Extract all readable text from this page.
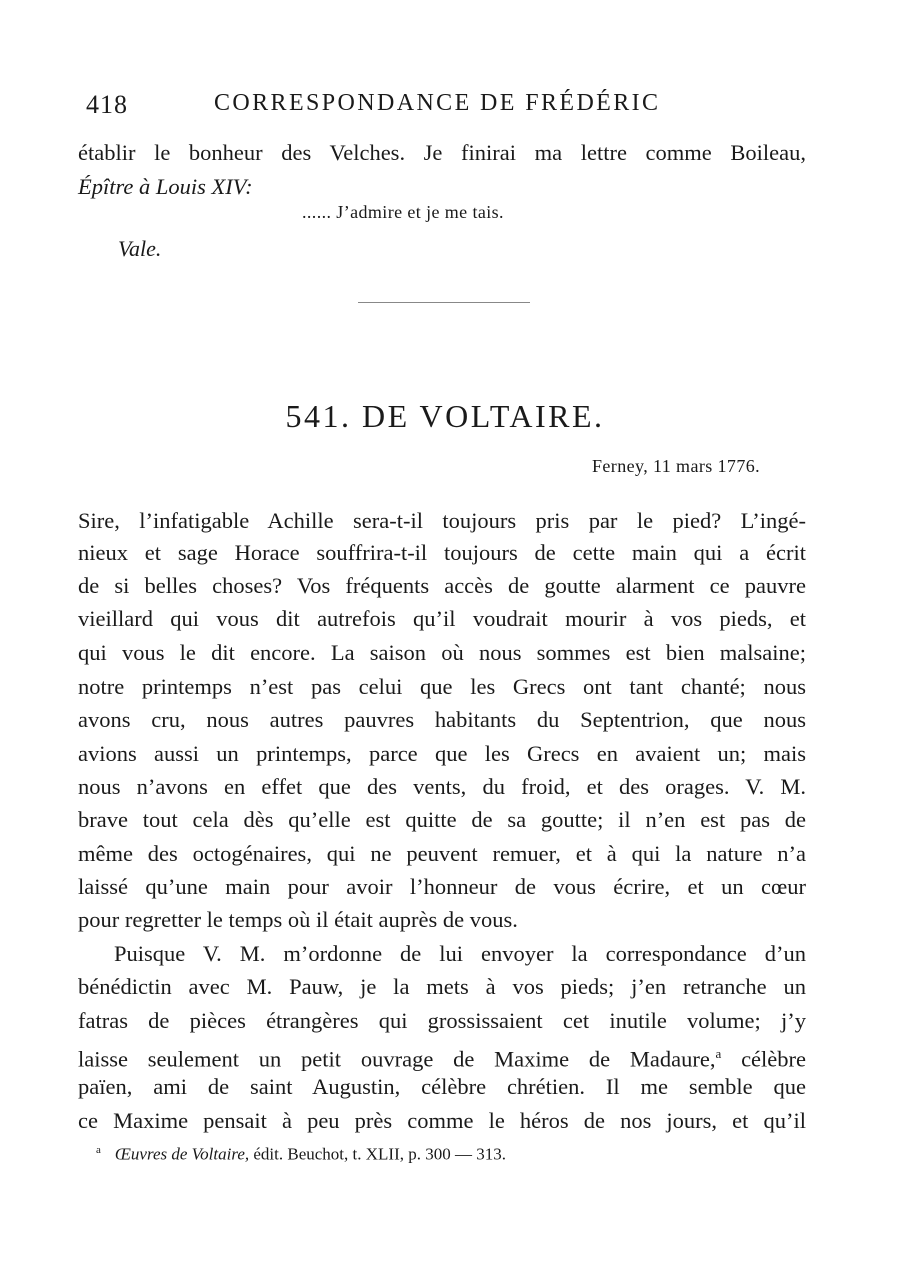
418	CORRESPONDANCE DE FRÉDÉRIC
établir le bonheur des Velches. Je finirai ma lettre comme Boileau,
Épître à Louis XIV:
...... J’admire et je me tais.
Vale.
541. DE VOLTAIRE.
Ferney, 11 mars 1776.
Sire, l’infatigable Achille sera-t-il toujours pris par le pied? L’ingé-
nieux et sage Horace souffrira-t-il toujours de cette main qui a écrit
de si belles choses? Vos fréquents accès de goutte alarment ce pauvre
vieillard qui vous dit autrefois qu’il voudrait mourir à vos pieds, et
qui vous le dit encore. La saison où nous sommes est bien malsaine;
notre printemps n’est pas celui que les Grecs ont tant chanté; nous
avons cru, nous autres pauvres habitants du Septentrion, que nous
avions aussi un printemps, parce que les Grecs en avaient un; mais
nous n’avons en effet que des vents, du froid, et des orages. V. M.
brave tout cela dès qu’elle est quitte de sa goutte; il n’en est pas de
même des octogénaires, qui ne peuvent remuer, et à qui la nature n’a
laissé qu’une main pour avoir l’honneur de vous écrire, et un cœur
pour regretter le temps où il était auprès de vous.
Puisque V. M. m’ordonne de lui envoyer la correspondance d’un
bénédictin avec M. Pauw, je la mets à vos pieds; j’en retranche un
fatras de pièces étrangères qui grossissaient cet inutile volume; j’y
laisse seulement un petit ouvrage de Maxime de Madaure,$^a$ célèbre
païen, ami de saint Augustin, célèbre chrétien. Il me semble que
ce Maxime pensait à peu près comme le héros de nos jours, et qu’il
$^a$ Œuvres de Voltaire, édit. Beuchot, t. XLII, p. 300 — 313.
